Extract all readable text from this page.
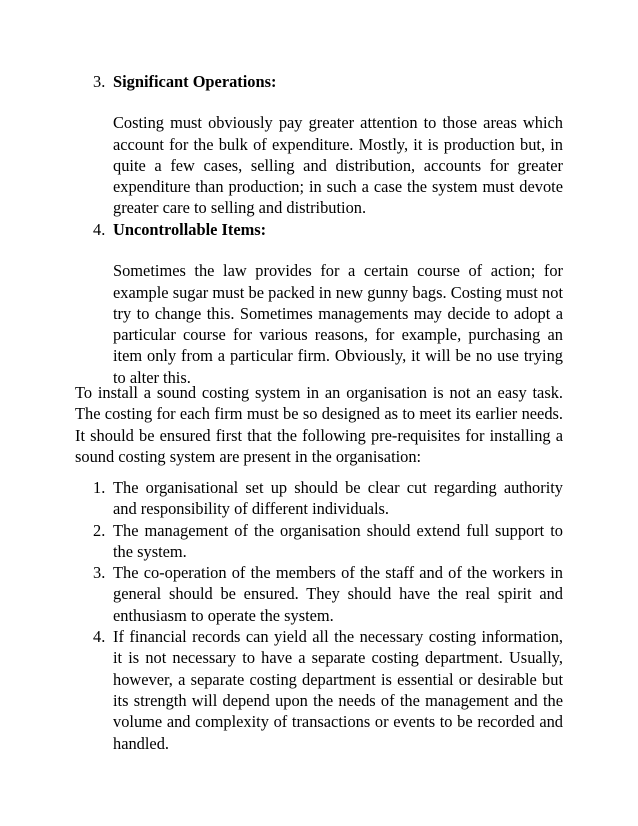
3. Significant Operations:

Costing must obviously pay greater attention to those areas which account for the bulk of expenditure. Mostly, it is production but, in quite a few cases, selling and distribution, accounts for greater expenditure than production; in such a case the system must devote greater care to selling and distribution.

4. Uncontrollable Items:

Sometimes the law provides for a certain course of action; for example sugar must be packed in new gunny bags. Costing must not try to change this. Sometimes managements may decide to adopt a particular course for various reasons, for example, purchasing an item only from a particular firm. Obviously, it will be no use trying to alter this.

To install a sound costing system in an organisation is not an easy task. The costing for each firm must be so designed as to meet its earlier needs. It should be ensured first that the following pre-requisites for installing a sound costing system are present in the organisation:

1. The organisational set up should be clear cut regarding authority and responsibility of different individuals.
2. The management of the organisation should extend full support to the system.
3. The co-operation of the members of the staff and of the workers in general should be ensured. They should have the real spirit and enthusiasm to operate the system.
4. If financial records can yield all the necessary costing information, it is not necessary to have a separate costing department. Usually, however, a separate costing department is essential or desirable but its strength will depend upon the needs of the management and the volume and complexity of transactions or events to be recorded and handled.
